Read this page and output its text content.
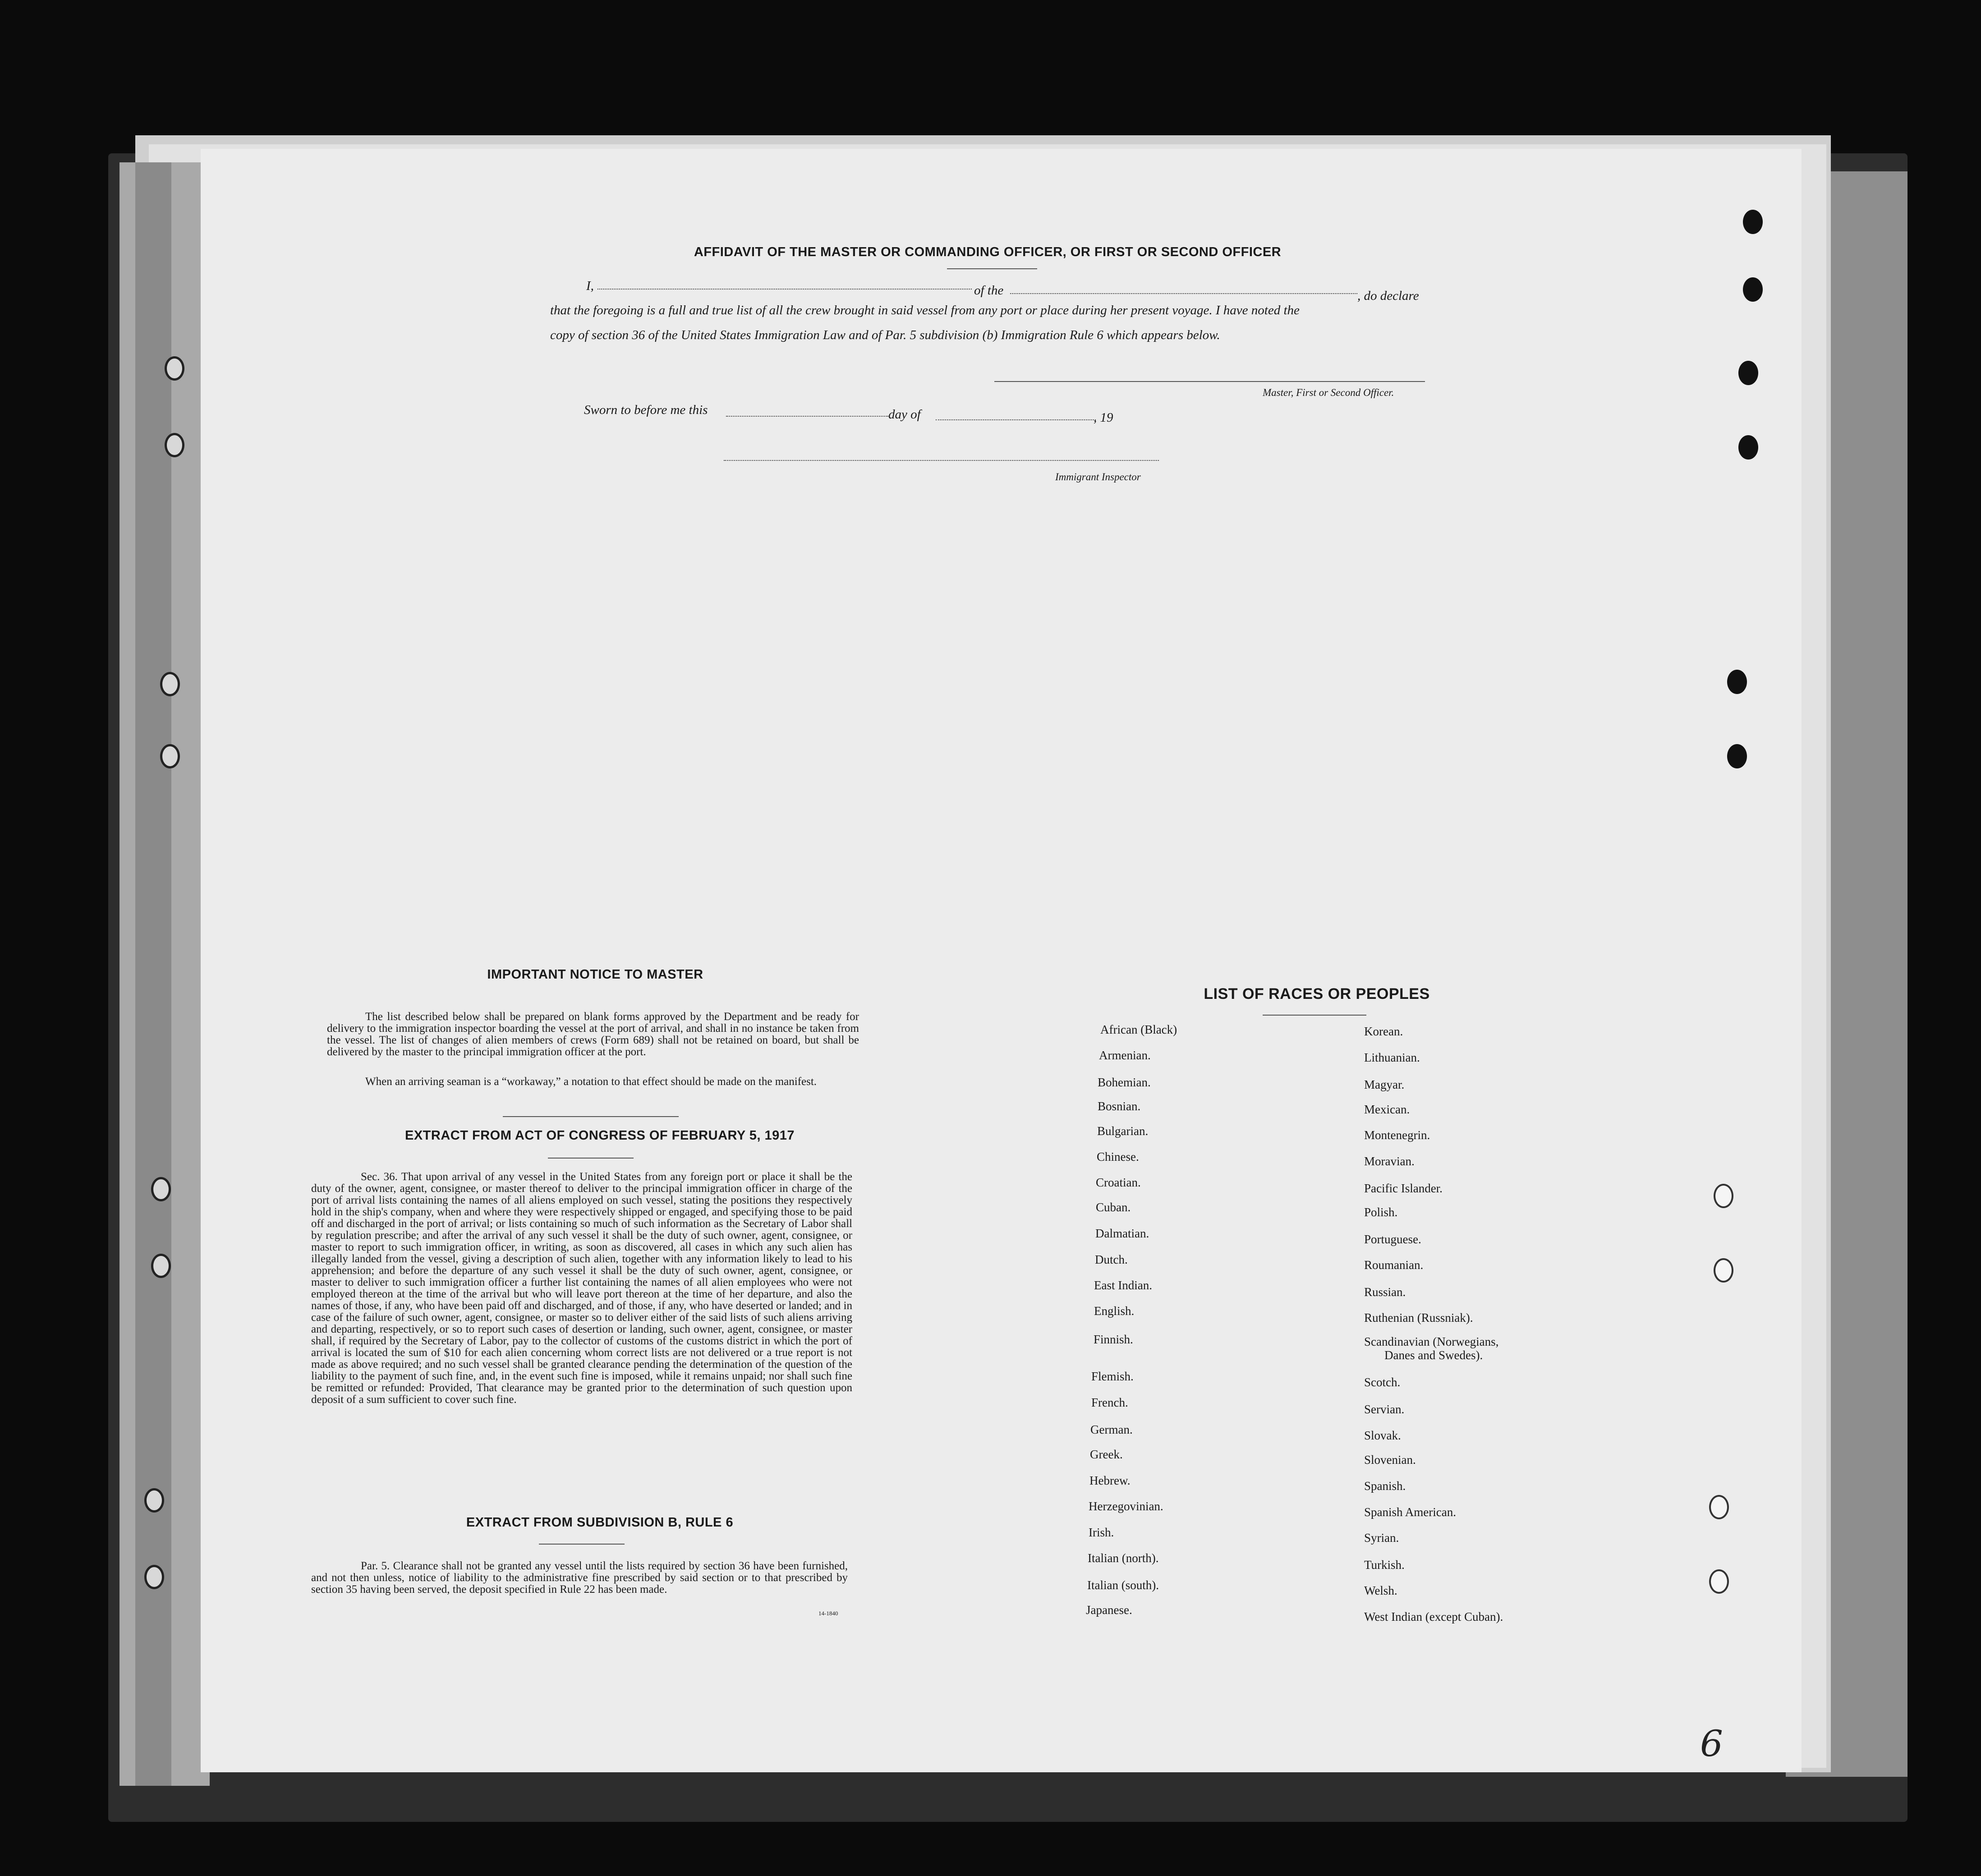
AFFIDAVIT OF THE MASTER OR COMMANDING OFFICER, OR FIRST OR SECOND OFFICER
I,	of the	, do declare
that the foregoing is a full and true list of all the crew brought in said vessel from any port or place during her present voyage. I have noted the
copy of section 36 of the United States Immigration Law and of Par. 5 subdivision (b) Immigration Rule 6 which appears below.
Master, First or Second Officer.
Sworn to before me this	day of	, 19
Immigrant Inspector
IMPORTANT NOTICE TO MASTER
The list described below shall be prepared on blank forms approved by the Department and be ready for delivery to the immigration inspector boarding the vessel at the port of arrival, and shall in no instance be taken from the vessel. The list of changes of alien members of crews (Form 689) shall not be retained on board, but shall be delivered by the master to the principal immigration officer at the port.
When an arriving seaman is a “workaway,” a notation to that effect should be made on the manifest.
EXTRACT FROM ACT OF CONGRESS OF FEBRUARY 5, 1917
Sec. 36. That upon arrival of any vessel in the United States from any foreign port or place it shall be the duty of the owner, agent, consignee, or master thereof to deliver to the principal immigration officer in charge of the port of arrival lists containing the names of all aliens employed on such vessel, stating the positions they respectively hold in the ship's company, when and where they were respectively shipped or engaged, and specifying those to be paid off and discharged in the port of arrival; or lists containing so much of such information as the Secretary of Labor shall by regulation prescribe; and after the arrival of any such vessel it shall be the duty of such owner, agent, consignee, or master to report to such immigration officer, in writing, as soon as discovered, all cases in which any such alien has illegally landed from the vessel, giving a description of such alien, together with any information likely to lead to his apprehension; and before the departure of any such vessel it shall be the duty of such owner, agent, consignee, or master to deliver to such immigration officer a further list containing the names of all alien employees who were not employed thereon at the time of the arrival but who will leave port thereon at the time of her departure, and also the names of those, if any, who have been paid off and discharged, and of those, if any, who have deserted or landed; and in case of the failure of such owner, agent, consignee, or master so to deliver either of the said lists of such aliens arriving and departing, respectively, or so to report such cases of desertion or landing, such owner, agent, consignee, or master shall, if required by the Secretary of Labor, pay to the collector of customs of the customs district in which the port of arrival is located the sum of $10 for each alien concerning whom correct lists are not delivered or a true report is not made as above required; and no such vessel shall be granted clearance pending the determination of the question of the liability to the payment of such fine, and, in the event such fine is imposed, while it remains unpaid; nor shall such fine be remitted or refunded: Provided, That clearance may be granted prior to the determination of such question upon deposit of a sum sufficient to cover such fine.
EXTRACT FROM SUBDIVISION B, RULE 6
Par. 5. Clearance shall not be granted any vessel until the lists required by section 36 have been furnished, and not then unless, notice of liability to the administrative fine prescribed by said section or to that prescribed by section 35 having been served, the deposit specified in Rule 22 has been made.
14-1840
LIST OF RACES OR PEOPLES
African (Black)
Armenian.
Bohemian.
Bosnian.
Bulgarian.
Chinese.
Croatian.
Cuban.
Dalmatian.
Dutch.
East Indian.
English.
Finnish.
Flemish.
French.
German.
Greek.
Hebrew.
Herzegovinian.
Irish.
Italian (north).
Italian (south).
Japanese.
Korean.
Lithuanian.
Magyar.
Mexican.
Montenegrin.
Moravian.
Pacific Islander.
Polish.
Portuguese.
Roumanian.
Russian.
Ruthenian (Russniak).
Scandinavian (Norwegians,
Danes and Swedes).
Scotch.
Servian.
Slovak.
Slovenian.
Spanish.
Spanish American.
Syrian.
Turkish.
Welsh.
West Indian (except Cuban).
6
